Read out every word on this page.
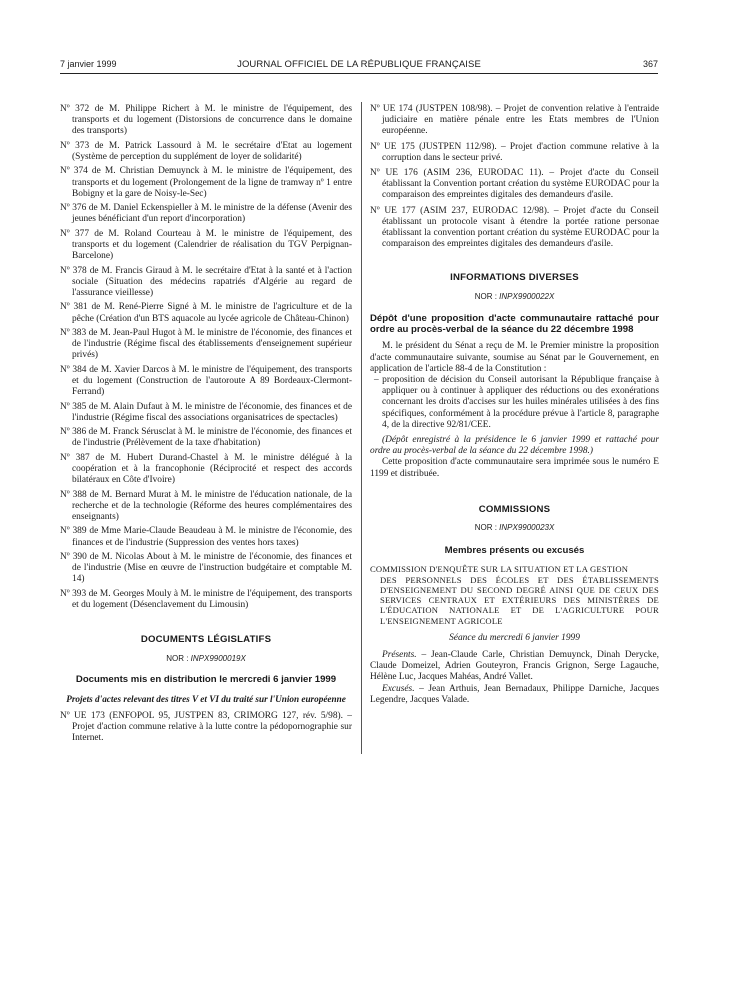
7 janvier 1999	JOURNAL OFFICIEL DE LA RÉPUBLIQUE FRANÇAISE	367

Nº 372 de M. Philippe Richert à M. le ministre de l'équipement, des transports et du logement (Distorsions de concurrence dans le domaine des transports)

Nº 373 de M. Patrick Lassourd à M. le secrétaire d'Etat au logement (Système de perception du supplément de loyer de solidarité)

Nº 374 de M. Christian Demuynck à M. le ministre de l'équipement, des transports et du logement (Prolongement de la ligne de tramway nº 1 entre Bobigny et la gare de Noisy-le-Sec)

Nº 376 de M. Daniel Eckenspieller à M. le ministre de la défense (Avenir des jeunes bénéficiant d'un report d'incorporation)

Nº 377 de M. Roland Courteau à M. le ministre de l'équipement, des transports et du logement (Calendrier de réalisation du TGV Perpignan-Barcelone)

Nº 378 de M. Francis Giraud à M. le secrétaire d'Etat à la santé et à l'action sociale (Situation des médecins rapatriés d'Algérie au regard de l'assurance vieillesse)

Nº 381 de M. René-Pierre Signé à M. le ministre de l'agriculture et de la pêche (Création d'un BTS aquacole au lycée agricole de Château-Chinon)

Nº 383 de M. Jean-Paul Hugot à M. le ministre de l'économie, des finances et de l'industrie (Régime fiscal des établissements d'enseignement supérieur privés)

Nº 384 de M. Xavier Darcos à M. le ministre de l'équipement, des transports et du logement (Construction de l'autoroute A 89 Bordeaux-Clermont-Ferrand)

Nº 385 de M. Alain Dufaut à M. le ministre de l'économie, des finances et de l'industrie (Régime fiscal des associations organisatrices de spectacles)

Nº 386 de M. Franck Sérusclat à M. le ministre de l'économie, des finances et de l'industrie (Prélèvement de la taxe d'habitation)

Nº 387 de M. Hubert Durand-Chastel à M. le ministre délégué à la coopération et à la francophonie (Réciprocité et respect des accords bilatéraux en Côte d'Ivoire)

Nº 388 de M. Bernard Murat à M. le ministre de l'éducation nationale, de la recherche et de la technologie (Réforme des heures complémentaires des enseignants)

Nº 389 de Mme Marie-Claude Beaudeau à M. le ministre de l'économie, des finances et de l'industrie (Suppression des ventes hors taxes)

Nº 390 de M. Nicolas About à M. le ministre de l'économie, des finances et de l'industrie (Mise en œuvre de l'instruction budgétaire et comptable M. 14)

Nº 393 de M. Georges Mouly à M. le ministre de l'équipement, des transports et du logement (Désenclavement du Limousin)

DOCUMENTS LÉGISLATIFS
NOR : INPX9900019X
Documents mis en distribution le mercredi 6 janvier 1999
Projets d'actes relevant des titres V et VI du traité sur l'Union européenne

Nº UE 173 (ENFOPOL 95, JUSTPEN 83, CRIMORG 127, rév. 5/98). – Projet d'action commune relative à la lutte contre la pédopornographie sur Internet.

Nº UE 174 (JUSTPEN 108/98). – Projet de convention relative à l'entraide judiciaire en matière pénale entre les Etats membres de l'Union européenne.

Nº UE 175 (JUSTPEN 112/98). – Projet d'action commune relative à la corruption dans le secteur privé.

Nº UE 176 (ASIM 236, EURODAC 11). – Projet d'acte du Conseil établissant la Convention portant création du système EURODAC pour la comparaison des empreintes digitales des demandeurs d'asile.

Nº UE 177 (ASIM 237, EURODAC 12/98). – Projet d'acte du Conseil établissant un protocole visant à étendre la portée ratione personae établissant la convention portant création du système EURODAC pour la comparaison des empreintes digitales des demandeurs d'asile.

INFORMATIONS DIVERSES
NOR : INPX9900022X
Dépôt d'une proposition d'acte communautaire rattaché pour ordre au procès-verbal de la séance du 22 décembre 1998

M. le président du Sénat a reçu de M. le Premier ministre la proposition d'acte communautaire suivante, soumise au Sénat par le Gouvernement, en application de l'article 88-4 de la Constitution :

– proposition de décision du Conseil autorisant la République française à appliquer ou à continuer à appliquer des réductions ou des exonérations concernant les droits d'accises sur les huiles minérales utilisées à des fins spécifiques, conformément à la procédure prévue à l'article 8, paragraphe 4, de la directive 92/81/CEE.

(Dépôt enregistré à la présidence le 6 janvier 1999 et rattaché pour ordre au procès-verbal de la séance du 22 décembre 1998.)

Cette proposition d'acte communautaire sera imprimée sous le numéro E 1199 et distribuée.

COMMISSIONS
NOR : INPX9900023X
Membres présents ou excusés
COMMISSION D'ENQUÊTE SUR LA SITUATION ET LA GESTION
DES PERSONNELS DES ÉCOLES ET DES ÉTABLISSEMENTS D'ENSEIGNEMENT DU SECOND DEGRÉ AINSI QUE DE CEUX DES SERVICES CENTRAUX ET EXTÉRIEURS DES MINISTÈRES DE L'ÉDUCATION NATIONALE ET DE L'AGRICULTURE POUR L'ENSEIGNEMENT AGRICOLE
Séance du mercredi 6 janvier 1999

Présents. – Jean-Claude Carle, Christian Demuynck, Dinah Derycke, Claude Domeizel, Adrien Gouteyron, Francis Grignon, Serge Lagauche, Hélène Luc, Jacques Mahéas, André Vallet.

Excusés. – Jean Arthuis, Jean Bernadaux, Philippe Darniche, Jacques Legendre, Jacques Valade.
